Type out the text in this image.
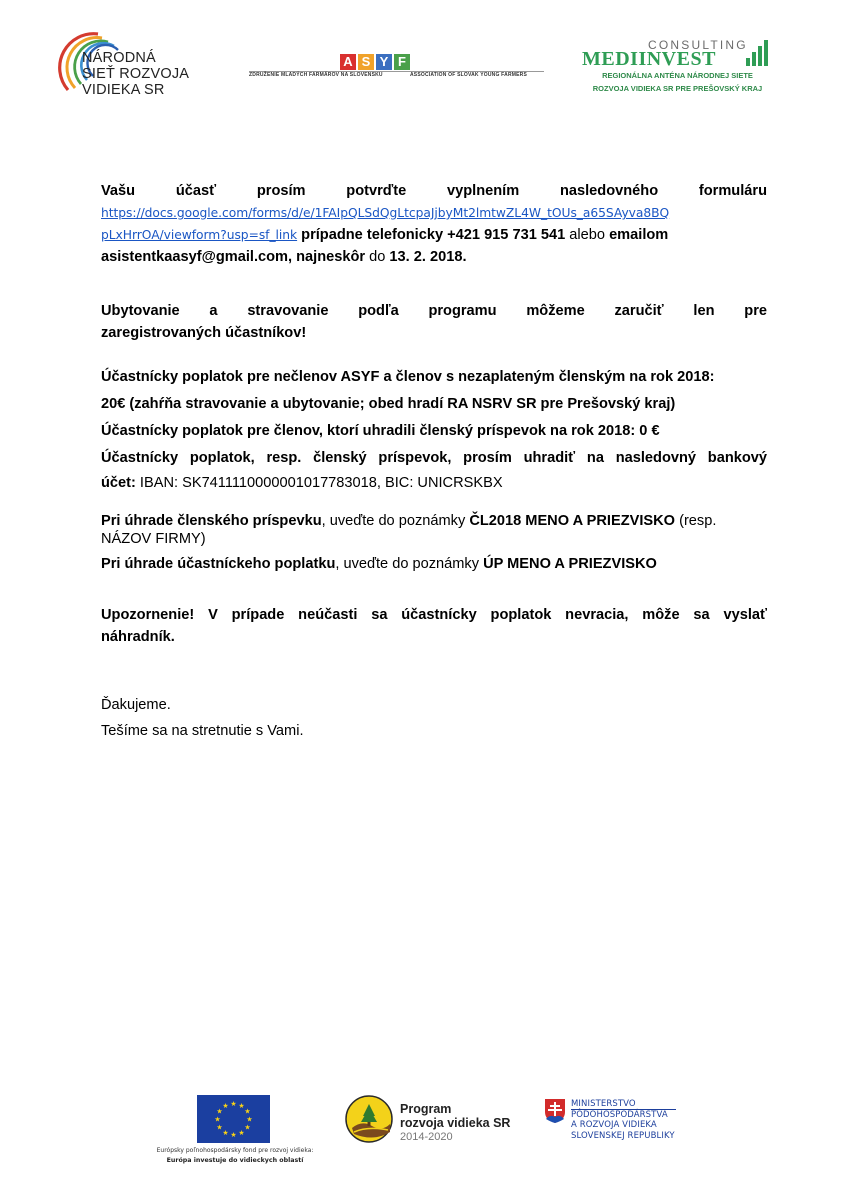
NÁRODNÁ
SIEŤ ROZVOJA
VIDIEKA SR
A S Y F
ZDRUŽENIE MLADÝCH FARMÁROV NA SLOVENSKU	ASSOCIATION OF SLOVAK YOUNG FARMERS
CONSULTING
MEDIINVEST
REGIONÁLNA ANTÉNA NÁRODNEJ SIETE
ROZVOJA VIDIEKA SR PRE PREŠOVSKÝ KRAJ
Vašu účasť prosím potvrďte vyplnením nasledovného formuláru
https://docs.google.com/forms/d/e/1FAIpQLSdQgLtcpaJjbyMt2lmtwZL4W_tOUs_a65SAyva8BQ
pLxHrrOA/viewform?usp=sf_link prípadne telefonicky +421 915 731 541 alebo emailom
asistentkaasyf@gmail.com, najneskôr do 13. 2. 2018.
Ubytovanie a stravovanie podľa programu môžeme zaručiť len pre
zaregistrovaných účastníkov!
Účastnícky poplatok pre nečlenov ASYF a členov s nezaplateným členským na rok 2018:
20€ (zahŕňa stravovanie a ubytovanie; obed hradí RA NSRV SR pre Prešovský kraj)
Účastnícky poplatok pre členov, ktorí uhradili členský príspevok na rok 2018: 0 €
Účastnícky poplatok, resp. členský príspevok, prosím uhradiť na nasledovný bankový
účet: IBAN: SK7411110000001017783018, BIC: UNICRSKBX
Pri úhrade členského príspevku, uveďte do poznámky ČL2018 MENO A PRIEZVISKO (resp.
NÁZOV FIRMY)
Pri úhrade účastníckeho poplatku, uveďte do poznámky ÚP MENO A PRIEZVISKO
Upozornenie! V prípade neúčasti sa účastnícky poplatok nevracia, môže sa vyslať
náhradník.
Ďakujeme.
Tešíme sa na stretnutie s Vami.
★ ★
★
★
★
★
★
★
★
★
★
★
Európsky poľnohospodársky fond pre rozvoj vidieka:
Európa investuje do vidieckych oblastí
Program
rozvoja vidieka SR
2014-2020
MINISTERSTVO
PÔDOHOSPODÁRSTVA
A ROZVOJA VIDIEKA
SLOVENSKEJ REPUBLIKY
